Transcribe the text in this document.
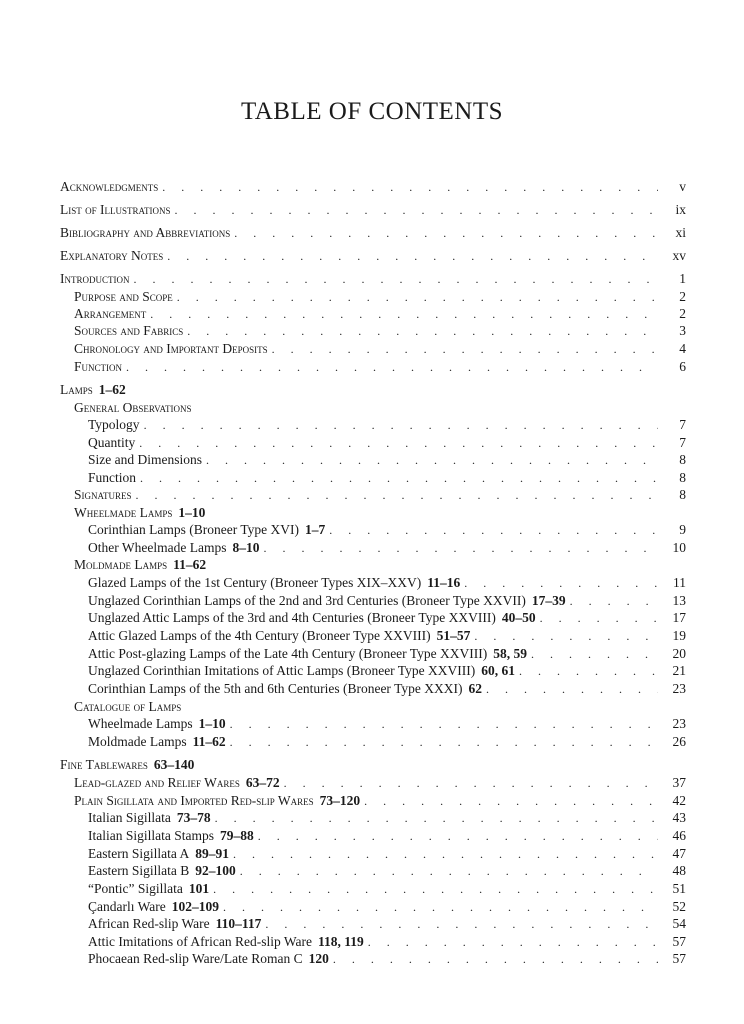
TABLE OF CONTENTS
Acknowledgments . . .	v
List of Illustrations . . .	ix
Bibliography and Abbreviations . . .	xi
Explanatory Notes . . .	xv
Introduction . . .	1
Purpose and Scope . . .	2
Arrangement . . .	2
Sources and Fabrics . . .	3
Chronology and Important Deposits . . .	4
Function . . .	6
Lamps 1–62
General Observations
Typology . . .	7
Quantity . . .	7
Size and Dimensions . . .	8
Function . . .	8
Signatures . . .	8
Wheelmade Lamps 1–10
Corinthian Lamps (Broneer Type XVI) 1–7 . . .	9
Other Wheelmade Lamps 8–10 . . .	10
Moldmade Lamps 11–62
Glazed Lamps of the 1st Century (Broneer Types XIX–XXV) 11–16 . . .	11
Unglazed Corinthian Lamps of the 2nd and 3rd Centuries (Broneer Type XXVII) 17–39 . . .	13
Unglazed Attic Lamps of the 3rd and 4th Centuries (Broneer Type XXVIII) 40–50 . . .	17
Attic Glazed Lamps of the 4th Century (Broneer Type XXVIII) 51–57 . . .	19
Attic Post-glazing Lamps of the Late 4th Century (Broneer Type XXVIII) 58, 59 . . .	20
Unglazed Corinthian Imitations of Attic Lamps (Broneer Type XXVIII) 60, 61 . . .	21
Corinthian Lamps of the 5th and 6th Centuries (Broneer Type XXXI) 62 . . .	23
Catalogue of Lamps
Wheelmade Lamps 1–10 . . .	23
Moldmade Lamps 11–62 . . .	26
Fine Tablewares 63–140
Lead-glazed and Relief Wares 63–72 . . .	37
Plain Sigillata and Imported Red-slip Wares 73–120 . . .	42
Italian Sigillata 73–78 . . .	43
Italian Sigillata Stamps 79–88 . . .	46
Eastern Sigillata A 89–91 . . .	47
Eastern Sigillata B 92–100 . . .	48
“Pontic” Sigillata 101 . . .	51
Çandarlı Ware 102–109 . . .	52
African Red-slip Ware 110–117 . . .	54
Attic Imitations of African Red-slip Ware 118, 119 . . .	57
Phocaean Red-slip Ware/Late Roman C 120 . . .	57
